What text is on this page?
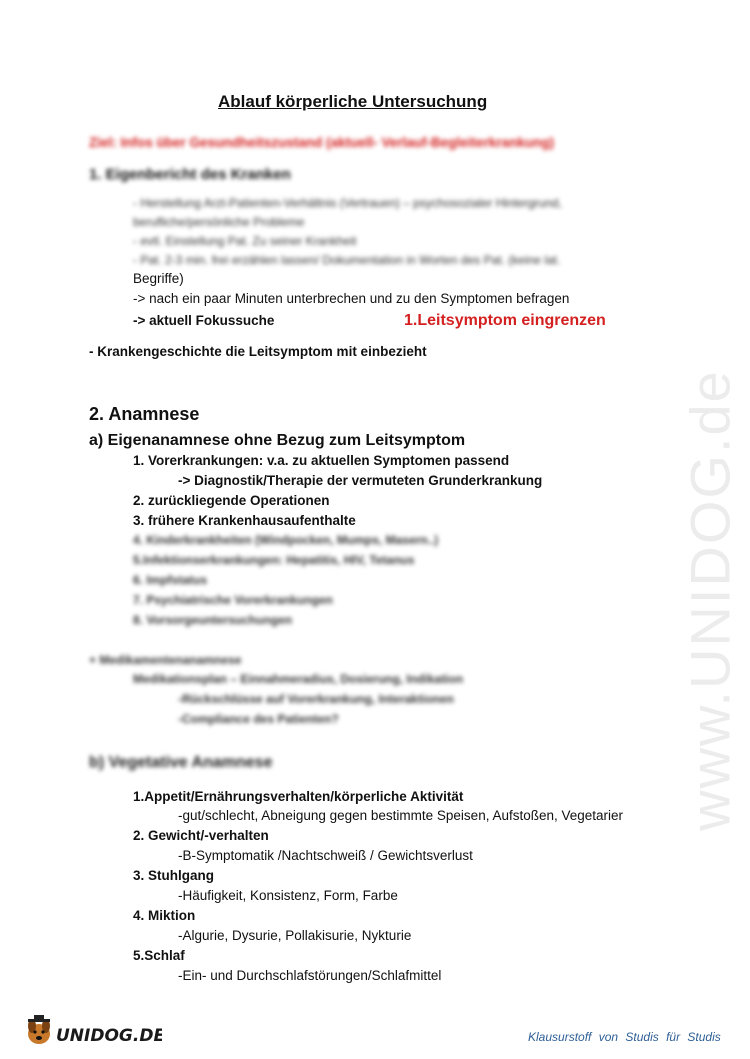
www.UNIDOG.de
Ablauf körperliche Untersuchung
Ziel: Infos über Gesundheitszustand (aktuell- Verlauf-Begleiterkrankung)
1. Eigenbericht des Kranken
- Herstellung Arzt-Patienten-Verhältnis (Vertrauen) – psychosozialer Hintergrund,
berufliche/persönliche Probleme
- evtl. Einstellung Pat. Zu seiner Krankheit
- Pat. 2-3 min. frei erzählen lassen/ Dokumentation in Worten des Pat. (keine lat.
Begriffe)
-> nach ein paar Minuten unterbrechen und zu den Symptomen befragen
-> aktuell Fokussuche	1.Leitsymptom eingrenzen
- Krankengeschichte die Leitsymptom mit einbezieht
2. Anamnese
a) Eigenanamnese ohne Bezug zum Leitsymptom
1. Vorerkrankungen: v.a. zu aktuellen Symptomen passend
-> Diagnostik/Therapie der vermuteten Grunderkrankung
2. zurückliegende Operationen
3. frühere Krankenhausaufenthalte
4. Kinderkrankheiten (Windpocken, Mumps, Masern..)
5.Infektionserkrankungen: Hepatitis, HIV, Tetanus
6. Impfstatus
7. Psychiatrische Vorerkrankungen
8. Vorsorgeuntersuchungen
+ Medikamentenanamnese
Medikationsplan – Einnahmeradius, Dosierung, Indikation
-Rückschlüsse auf Vorerkrankung, Interaktionen
-Compliance des Patienten?
b) Vegetative Anamnese
1.Appetit/Ernährungsverhalten/körperliche Aktivität
-gut/schlecht, Abneigung gegen bestimmte Speisen, Aufstoßen, Vegetarier
2. Gewicht/-verhalten
-B-Symptomatik /Nachtschweiß / Gewichtsverlust
3. Stuhlgang
-Häufigkeit, Konsistenz, Form, Farbe
4. Miktion
-Algurie, Dysurie, Pollakisurie, Nykturie
5.Schlaf
-Ein- und Durchschlafstörungen/Schlafmittel
UNIDOG.DE	Klausurstoff von Studis für Studis
